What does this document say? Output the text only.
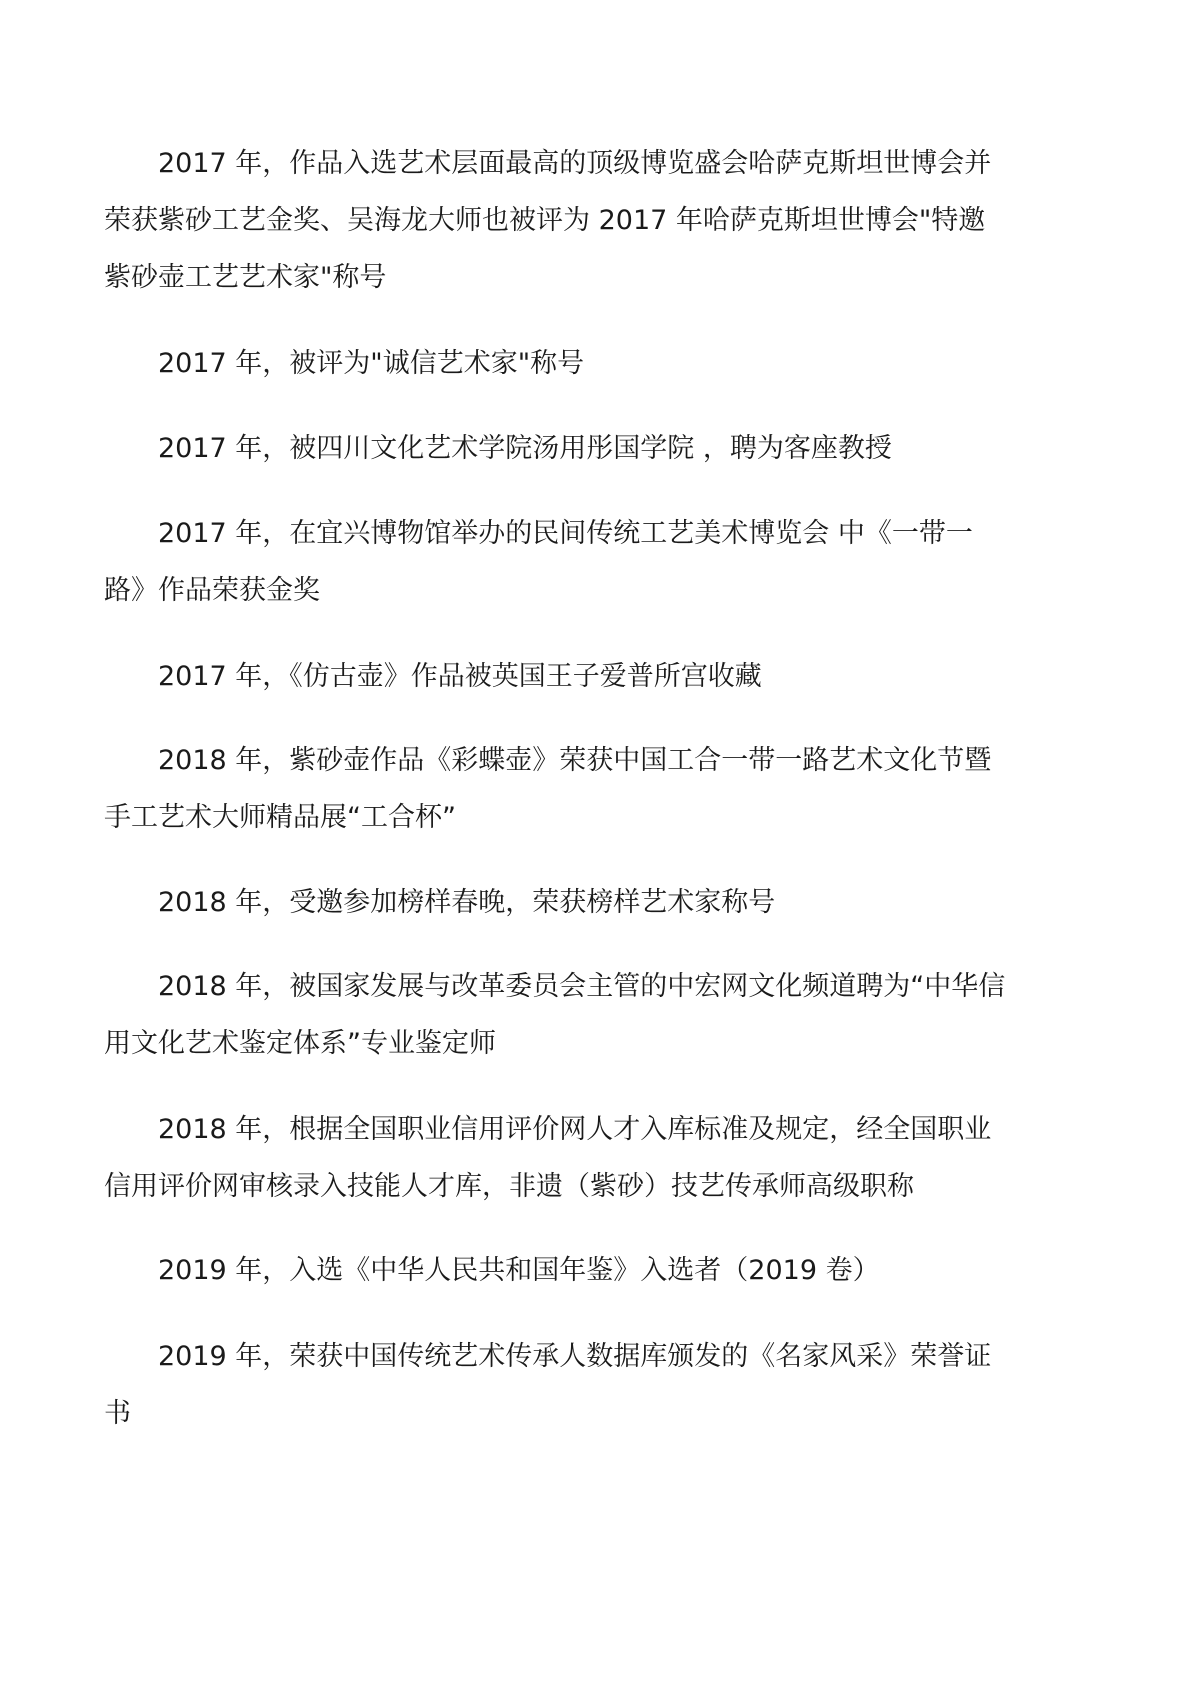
2017 年，作品入选艺术层面最高的顶级博览盛会哈萨克斯坦世博会并荣获紫砂工艺金奖、吴海龙大师也被评为 2017 年哈萨克斯坦世博会"特邀紫砂壶工艺艺术家"称号

2017 年，被评为"诚信艺术家"称号

2017 年，被四川文化艺术学院汤用彤国学院 ，聘为客座教授

2017 年，在宜兴博物馆举办的民间传统工艺美术博览会 中《一带一路》作品荣获金奖

2017 年，《仿古壶》作品被英国王子爱普所宫收藏

2018 年，紫砂壶作品《彩蝶壶》荣获中国工合一带一路艺术文化节暨手工艺术大师精品展“工合杯”

2018 年，受邀参加榜样春晚，荣获榜样艺术家称号

2018 年，被国家发展与改革委员会主管的中宏网文化频道聘为“中华信用文化艺术鉴定体系”专业鉴定师

2018 年，根据全国职业信用评价网人才入库标准及规定，经全国职业信用评价网审核录入技能人才库，非遗（紫砂）技艺传承师高级职称

2019 年，入选《中华人民共和国年鉴》入选者（2019 卷）

2019 年，荣获中国传统艺术传承人数据库颁发的《名家风采》荣誉证书
